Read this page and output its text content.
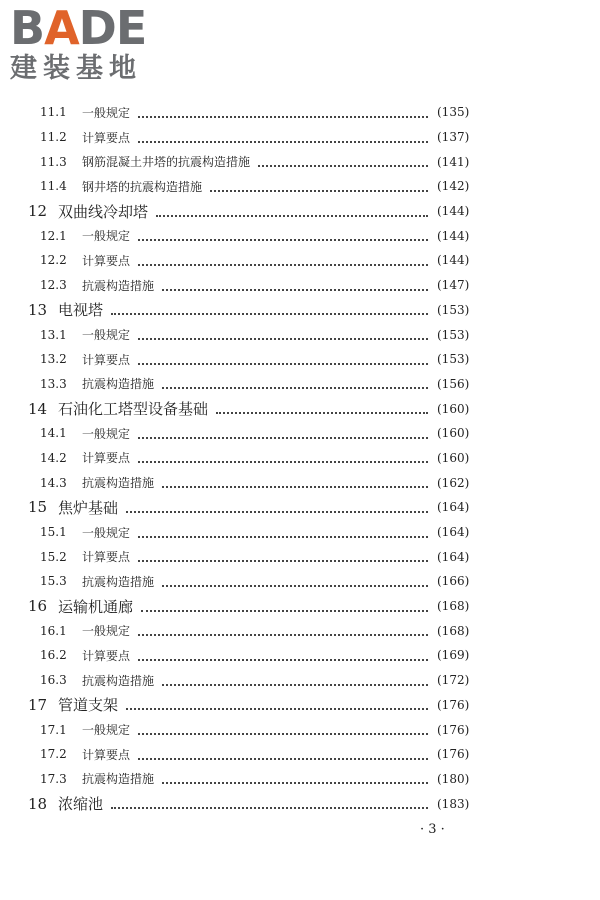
BADE
建装基地
11.1 一般规定	(135)
11.2 计算要点	(137)
11.3 钢筋混凝土井塔的抗震构造措施	(141)
11.4 钢井塔的抗震构造措施	(142)
12 双曲线冷却塔	(144)
12.1 一般规定	(144)
12.2 计算要点	(144)
12.3 抗震构造措施	(147)
13 电视塔	(153)
13.1 一般规定	(153)
13.2 计算要点	(153)
13.3 抗震构造措施	(156)
14 石油化工塔型设备基础	(160)
14.1 一般规定	(160)
14.2 计算要点	(160)
14.3 抗震构造措施	(162)
15 焦炉基础	(164)
15.1 一般规定	(164)
15.2 计算要点	(164)
15.3 抗震构造措施	(166)
16 运输机通廊	(168)
16.1 一般规定	(168)
16.2 计算要点	(169)
16.3 抗震构造措施	(172)
17 管道支架	(176)
17.1 一般规定	(176)
17.2 计算要点	(176)
17.3 抗震构造措施	(180)
18 浓缩池	(183)
· 3 ·
